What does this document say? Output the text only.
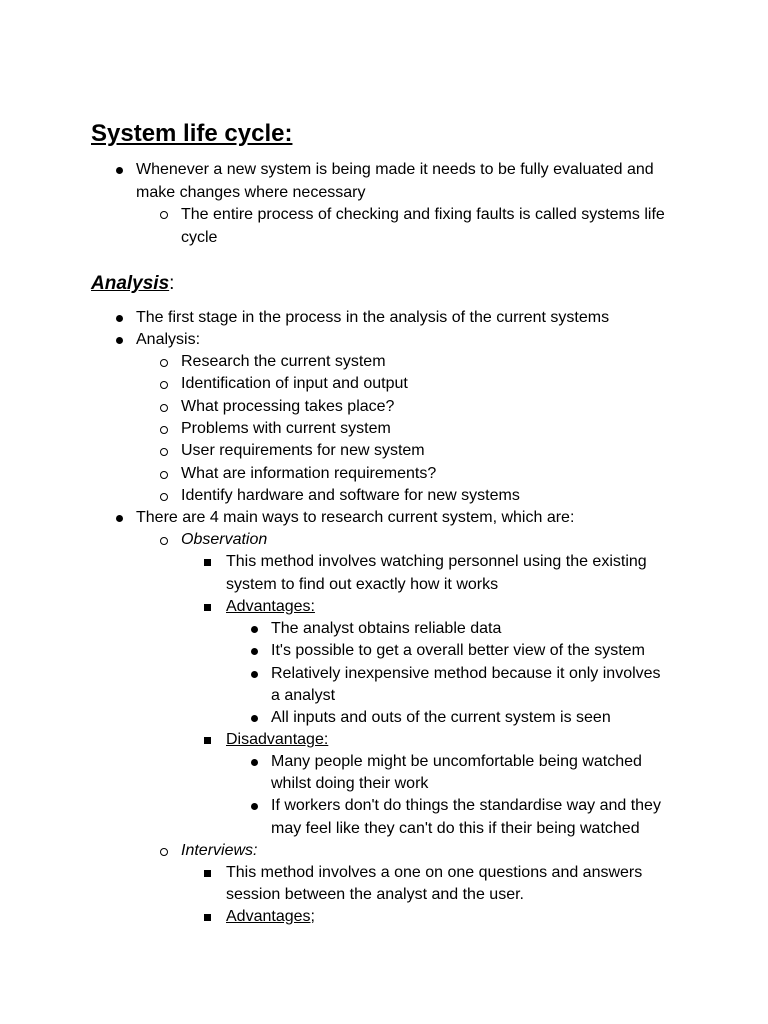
System life cycle:
Whenever a new system is being made it needs to be fully evaluated and
make changes where necessary
The entire process of checking and fixing faults is called systems life
cycle
Analysis:
The first stage in the process in the analysis of the current systems
Analysis:
Research the current system
Identification of input and output
What processing takes place?
Problems with current system
User requirements for new system
What are information requirements?
Identify hardware and software for new systems
There are 4 main ways to research current system, which are:
Observation
This method involves watching personnel using the existing
system to find out exactly how it works
Advantages:
The analyst obtains reliable data
It's possible to get a overall better view of the system
Relatively inexpensive method because it only involves
a analyst
All inputs and outs of the current system is seen
Disadvantage:
Many people might be uncomfortable being watched
whilst doing their work
If workers don't do things the standardise way and they
may feel like they can't do this if their being watched
Interviews:
This method involves a one on one questions and answers
session between the analyst and the user.
Advantages;
